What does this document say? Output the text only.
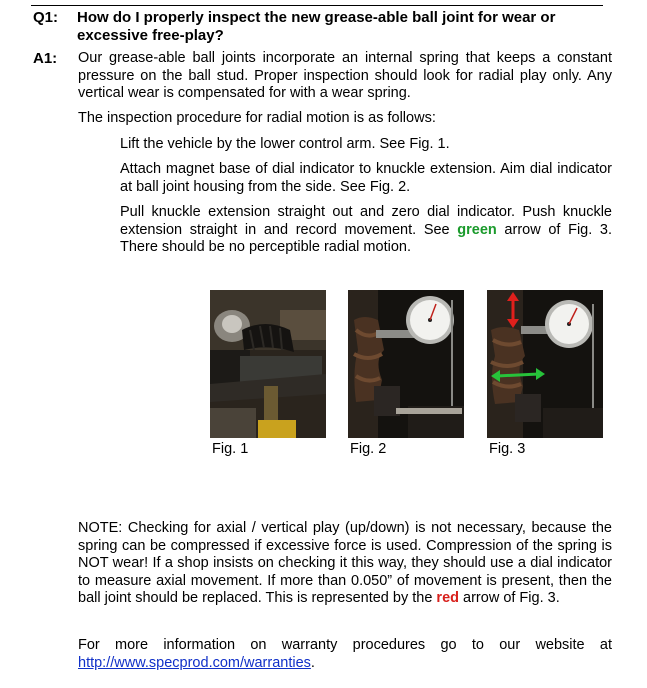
Q1: How do I properly inspect the new grease-able ball joint for wear or excessive free-play?
A1: Our grease-able ball joints incorporate an internal spring that keeps a constant pressure on the ball stud. Proper inspection should look for radial play only. Any vertical wear is compensated for with a wear spring.
The inspection procedure for radial motion is as follows:
Lift the vehicle by the lower control arm. See Fig. 1.
Attach magnet base of dial indicator to knuckle extension. Aim dial indicator at ball joint housing from the side. See Fig. 2.
Pull knuckle extension straight out and zero dial indicator. Push knuckle extension straight in and record movement. See green arrow of Fig. 3. There should be no perceptible radial motion.
Fig. 1	Fig. 2	Fig. 3
NOTE: Checking for axial / vertical play (up/down) is not necessary, because the spring can be compressed if excessive force is used. Compression of the spring is NOT wear! If a shop insists on checking it this way, they should use a dial indicator to measure axial movement. If more than 0.050” of movement is present, then the ball joint should be replaced. This is represented by the red arrow of Fig. 3.
For more information on warranty procedures go to our website at http://www.specprod.com/warranties.
